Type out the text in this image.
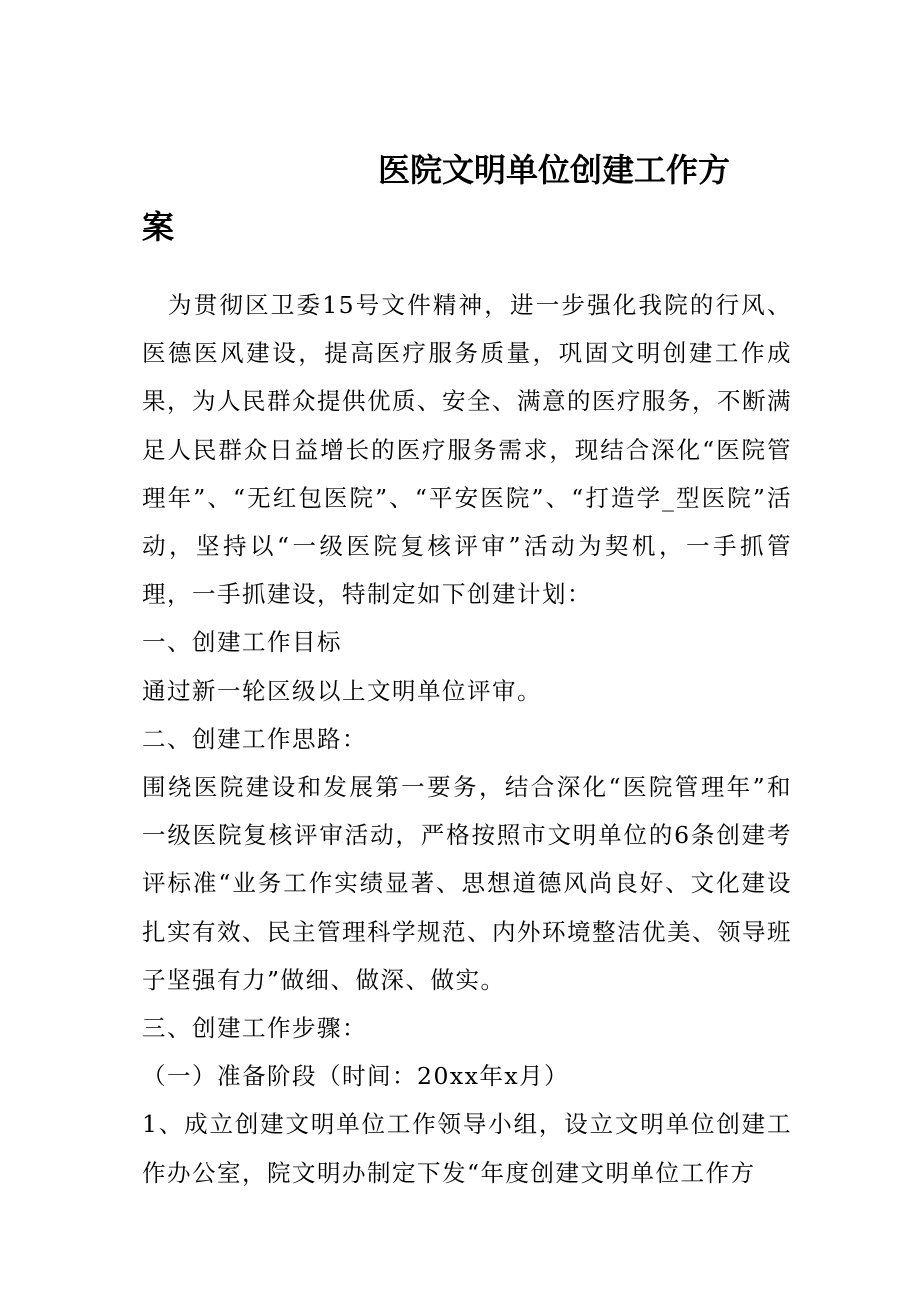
医院文明单位创建工作方
案

为贯彻区卫委15号文件精神，进一步强化我院的行风、医德医风建设，提高医疗服务质量，巩固文明创建工作成果，为人民群众提供优质、安全、满意的医疗服务，不断满足人民群众日益增长的医疗服务需求，现结合深化“医院管理年”、“无红包医院”、“平安医院”、“打造学_型医院”活动，坚持以“一级医院复核评审”活动为契机，一手抓管理，一手抓建设，特制定如下创建计划：

一、创建工作目标

通过新一轮区级以上文明单位评审。

二、创建工作思路：

围绕医院建设和发展第一要务，结合深化“医院管理年”和一级医院复核评审活动，严格按照市文明单位的6条创建考评标准“业务工作实绩显著、思想道德风尚良好、文化建设扎实有效、民主管理科学规范、内外环境整洁优美、领导班子坚强有力”做细、做深、做实。

三、创建工作步骤：

（一）准备阶段（时间：20xx年x月）

1、成立创建文明单位工作领导小组，设立文明单位创建工作办公室，院文明办制定下发“年度创建文明单位工作方
